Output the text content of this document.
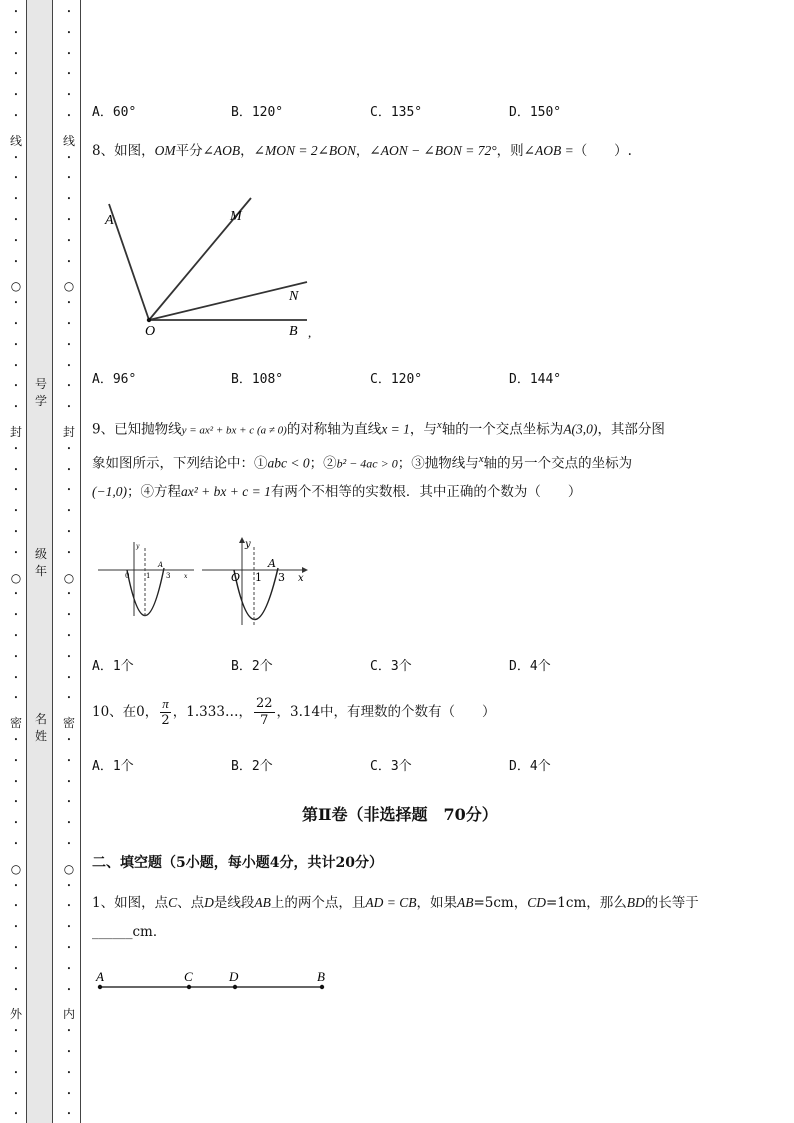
•
•
•
•
•
•
线
•
•
•
•
•
•
○
•
•
•
•
•
•
封
•
•
•
•
•
•
○
•
•
•
•
•
•
密
•
•
•
•
•
•
○
•
•
•
•
•
•
外
•
•
•
•
•
•
•
•
•
•
•
线
•
•
•
•
•
•
○
•
•
•
•
•
•
封
•
•
•
•
•
•
○
•
•
•
•
•
•
密
•
•
•
•
•
•
○
•
•
•
•
•
•
内
•
•
•
•
•
号学
级年
名姓
A．60°	B．120°	C．135°	D．150°
8、如图，OM平分∠AOB，∠MON = 2∠BON，∠AON − ∠BON = 72°，则∠AOB =（　　）.
A	M
N
O	B ,
A．96°	B．108°	C．120°	D．144°
9、已知抛物线y = ax² + bx + c (a ≠ 0)的对称轴为直线x = 1，与$^x$轴的一个交点坐标为A(3,0)，其部分图
象如图所示，下列结论中：①abc < 0；②b² − 4ac > 0；③抛物线与$^x$轴的另一个交点的坐标为
(−1,0)；④方程ax² + bx + c = 1有两个不相等的实数根．其中正确的个数为（　　）
y
0 1
A
3 x
y
O 1
A
3 x
A．1个	B．2个	C．3个	D．4个
10、在0， $\frac{\pi}{2}$ ，1.333…， $\frac{22}{7}$ ，3.14中，有理数的个数有（　　）
A．1个	B．2个	C．3个	D．4个
第Ⅱ卷（非选择题　70分）
二、填空题（5小题，每小题4分，共计20分）
1、如图，点C、点D是线段AB上的两个点，且AD = CB，如果AB=5cm，CD=1cm，那么BD的长等于
______cm．
A	C	D	B
